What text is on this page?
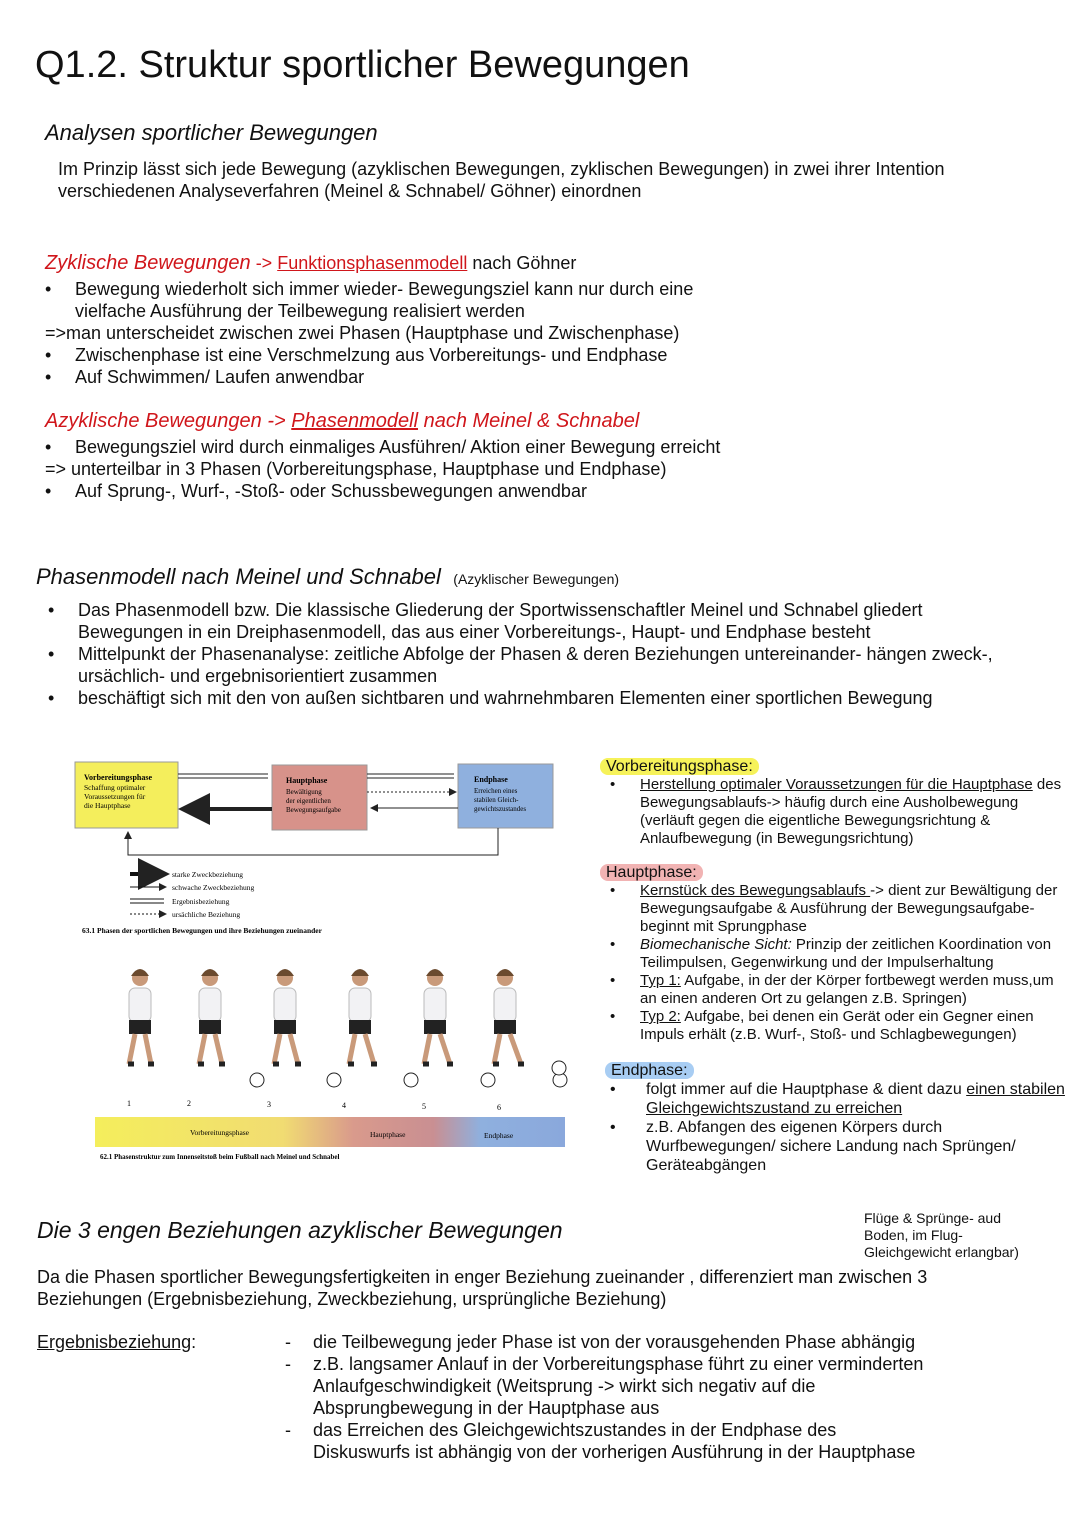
Q1.2. Struktur sportlicher Bewegungen
Analysen sportlicher Bewegungen
Im Prinzip lässt sich jede Bewegung (azyklischen Bewegungen, zyklischen Bewegungen) in zwei ihrer Intention verschiedenen Analyseverfahren (Meinel & Schnabel/ Göhner) einordnen
Zyklische Bewegungen -> Funktionsphasenmodell nach Göhner
• Bewegung wiederholt sich immer wieder- Bewegungsziel kann nur durch eine vielfache Ausführung der Teilbewegung realisiert werden
=>man unterscheidet zwischen zwei Phasen (Hauptphase und Zwischenphase)
• Zwischenphase ist eine Verschmelzung aus Vorbereitungs- und Endphase
• Auf Schwimmen/ Laufen anwendbar
Azyklische Bewegungen -> Phasenmodell nach Meinel & Schnabel
• Bewegungsziel wird durch einmaliges Ausführen/ Aktion einer Bewegung erreicht
=> unterteilbar in 3 Phasen (Vorbereitungsphase, Hauptphase und Endphase)
• Auf Sprung-, Wurf-, -Stoß- oder Schussbewegungen anwendbar
Phasenmodell nach Meinel und Schnabel (Azyklischer Bewegungen)
• Das Phasenmodell bzw. Die klassische Gliederung der Sportwissenschaftler Meinel und Schnabel gliedert Bewegungen in ein Dreiphasenmodell, das aus einer Vorbereitungs-, Haupt- und Endphase besteht
• Mittelpunkt der Phasenanalyse: zeitliche Abfolge der Phasen & deren Beziehungen untereinander- hängen zweck-, ursächlich- und ergebnisorientiert zusammen
• beschäftigt sich mit den von außen sichtbaren und wahrnehmbaren Elementen einer sportlichen Bewegung
Vorbereitungsphase
Schaffung optimaler
Voraussetzungen für
die Hauptphase
Hauptphase
Bewältigung
der eigentlichen
Bewegungsaufgabe
Endphase
Erreichen eines
stabilen Gleich-
gewichtszustandes
starke Zweckbeziehung
schwache Zweckbeziehung
Ergebnisbeziehung
ursächliche Beziehung
63.1 Phasen der sportlichen Bewegungen und ihre Beziehungen zueinander
1	2	3	4	5	6
Vorbereitungsphase	Hauptphase	Endphase
62.1 Phasenstruktur zum Innenseitstoß beim Fußball nach Meinel und Schnabel
Vorbereitungsphase:
• Herstellung optimaler Voraussetzungen für die Hauptphase des Bewegungsablaufs-> häufig durch eine Ausholbewegung (verläuft gegen die eigentliche Bewegungsrichtung & Anlaufbewegung (in Bewegungsrichtung)
Hauptphase:
• Kernstück des Bewegungsablaufs -> dient zur Bewältigung der Bewegungsaufgabe & Ausführung der Bewegungsaufgabe- beginnt mit Sprungphase
• Biomechanische Sicht: Prinzip der zeitlichen Koordination von Teilimpulsen, Gegenwirkung und der Impulserhaltung
• Typ 1: Aufgabe, in der der Körper fortbewegt werden muss,um an einen anderen Ort zu gelangen z.B. Springen)
• Typ 2: Aufgabe, bei denen ein Gerät oder ein Gegner einen Impuls erhält (z.B. Wurf-, Stoß- und Schlagbewegungen)
Endphase:
• folgt immer auf die Hauptphase & dient dazu einen stabilen Gleichgewichtszustand zu erreichen
• z.B. Abfangen des eigenen Körpers durch Wurfbewegungen/ sichere Landung nach Sprüngen/ Geräteabgängen
Flüge & Sprünge- aud Boden, im Flug-Gleichgewicht erlangbar)
Die 3 engen Beziehungen azyklischer Bewegungen
Da die Phasen sportlicher Bewegungsfertigkeiten in enger Beziehung zueinander , differenziert man zwischen 3 Beziehungen (Ergebnisbeziehung, Zweckbeziehung, ursprüngliche Beziehung)
Ergebnisbeziehung:	- die Teilbewegung jeder Phase ist von der vorausgehenden Phase abhängig
- z.B. langsamer Anlauf in der Vorbereitungsphase führt zu einer verminderten Anlaufgeschwindigkeit (Weitsprung -> wirkt sich negativ auf die Absprungbewegung in der Hauptphase aus
- das Erreichen des Gleichgewichtszustandes in der Endphase des Diskuswurfs ist abhängig von der vorherigen Ausführung in der Hauptphase
